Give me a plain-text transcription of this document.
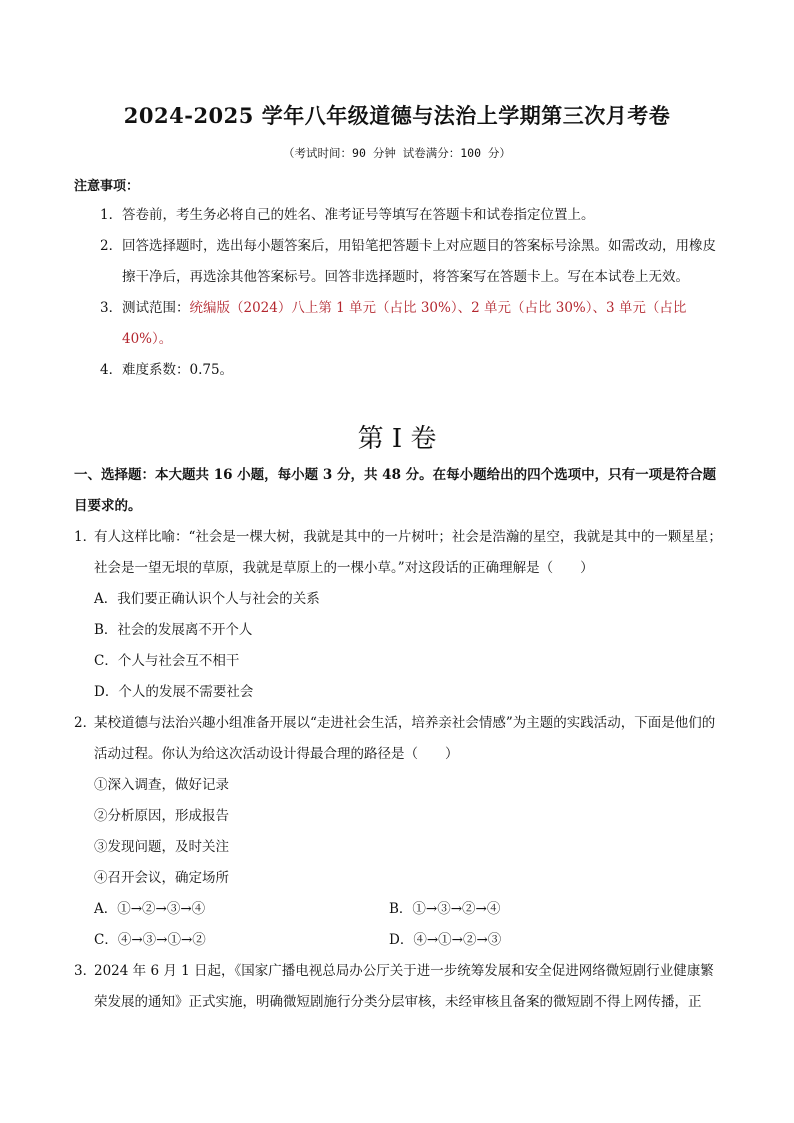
2024-2025 学年八年级道德与法治上学期第三次月考卷
（考试时间：90 分钟 试卷满分：100 分）
注意事项：
1． 答卷前，考生务必将自己的姓名、准考证号等填写在答题卡和试卷指定位置上。
2． 回答选择题时，选出每小题答案后，用铅笔把答题卡上对应题目的答案标号涂黑。如需改动，用橡皮擦干净后，再选涂其他答案标号。回答非选择题时，将答案写在答题卡上。写在本试卷上无效。
3． 测试范围：统编版（2024）八上第 1 单元（占比 30%）、2 单元（占比 30%）、3 单元（占比 40%）。
4． 难度系数：0.75。
第 I 卷
一、选择题：本大题共 16 小题，每小题 3 分，共 48 分。在每小题给出的四个选项中，只有一项是符合题目要求的。
1．
有人这样比喻：“社会是一棵大树，我就是其中的一片树叶；社会是浩瀚的星空，我就是其中的一颗星星；社会是一望无垠的草原，我就是草原上的一棵小草。”对这段话的正确理解是（　　）
A．我们要正确认识个人与社会的关系
B．社会的发展离不开个人
C．个人与社会互不相干
D．个人的发展不需要社会
2．
某校道德与法治兴趣小组准备开展以“走进社会生活，培养亲社会情感”为主题的实践活动，下面是他们的活动过程。你认为给这次活动设计得最合理的路径是（　　）
①深入调查，做好记录
②分析原因，形成报告
③发现问题，及时关注
④召开会议，确定场所
A．①→②→③→④	B．①→③→②→④
C．④→③→①→②	D．④→①→②→③
3．
2024 年 6 月 1 日起，《国家广播电视总局办公厅关于进一步统筹发展和安全促进网络微短剧行业健康繁荣发展的通知》正式实施，明确微短剧施行分类分层审核，未经审核且备案的微短剧不得上网传播，正
